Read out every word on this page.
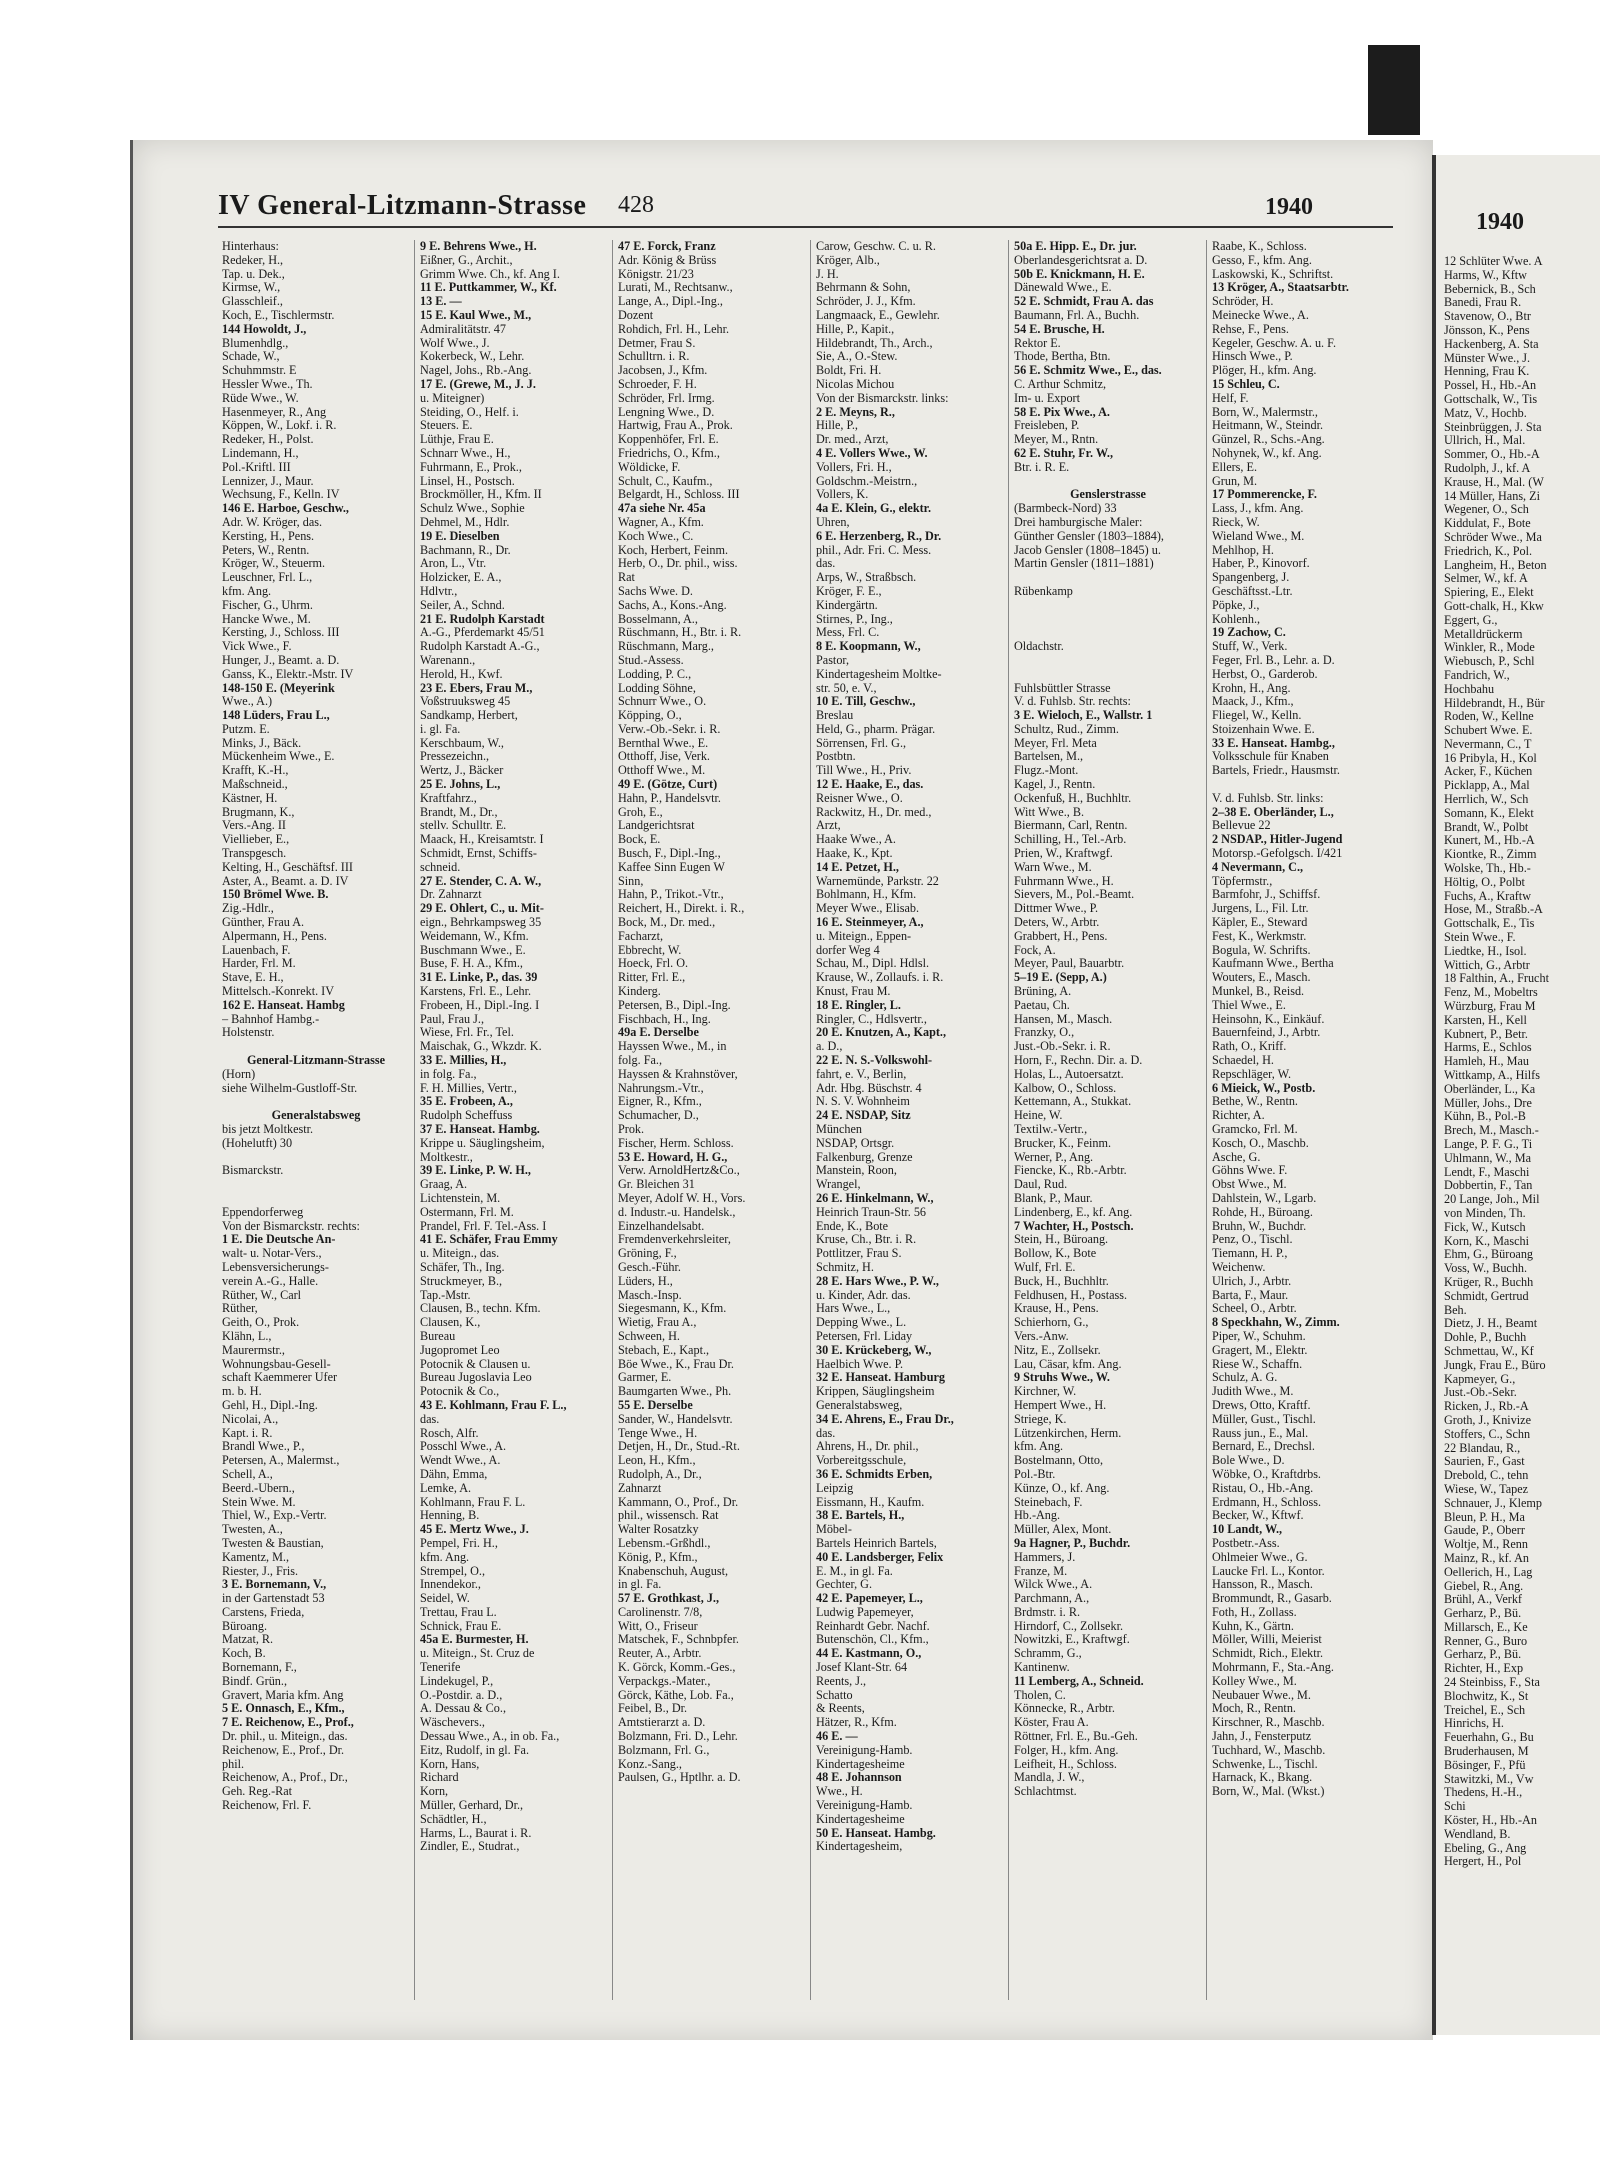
IV General-Litzmann-Strasse 428	1940
Hinterhaus:
Redeker, H.,
Tap. u. Dek.,
Kirmse, W.,
Glasschleif.,
Koch, E., Tischlermstr.
144 Howoldt, J.,
Blumenhdlg.,
Schade, W.,
Schuhmmstr. E
Hessler Wwe., Th.
Rüde Wwe., W.
Hasenmeyer, R., Ang
Köppen, W., Lokf. i. R.
Redeker, H., Polst.
Lindemann, H.,
Pol.-Kriftl. III
Lennizer, J., Maur.
Wechsung, F., Kelln. IV
146 E. Harboe, Geschw.,
Adr. W. Kröger, das.
Kersting, H., Pens.
Peters, W., Rentn.
Kröger, W., Steuerm.
Leuschner, Frl. L.,
kfm. Ang.
Fischer, G., Uhrm.
Hancke Wwe., M.
Kersting, J., Schloss. III
Vick Wwe., F.
Hunger, J., Beamt. a. D.
Ganss, K., Elektr.-Mstr. IV
148-150 E. (Meyerink
Wwe., A.)
148 Lüders, Frau L.,
Putzm. E.
Minks, J., Bäck.
Mückenheim Wwe., E.
Krafft, K.-H.,
Maßschneid.,
Kästner, H.
Brugmann, K.,
Vers.-Ang. II
Viellieber, E.,
Transpgesch.
Kelting, H., Geschäftsf. III
Aster, A., Beamt. a. D. IV
150 Brömel Wwe. B.
Zig.-Hdlr.,
Günther, Frau A.
Alpermann, H., Pens.
Lauenbach, F.
Harder, Frl. M.
Stave, E. H.,
Mittelsch.-Konrekt. IV
162 E. Hanseat. Hambg
– Bahnhof Hambg.-
Holstenstr.

General-Litzmann-Strasse
(Horn)
siehe Wilhelm-Gustloff-Str.

Generalstabsweg
bis jetzt Moltkestr.
(Hohelutft) 30

Bismarckstr.

Eppendorferweg
Von der Bismarckstr. rechts:
1 E. Die Deutsche An-
walt- u. Notar-Vers.,
Lebensversicherungs-
verein A.-G., Halle.
Rüther, W., Carl
Rüther,
Geith, O., Prok.
Klähn, L.,
Maurermstr.,
Wohnungsbau-Gesell-
schaft Kaemmerer Ufer
m. b. H.
Gehl, H., Dipl.-Ing.
Nicolai, A.,
Kapt. i. R.
Brandl Wwe., P.,
Petersen, A., Malermst.,
Schell, A.,
Beerd.-Ubern.,
Stein Wwe. M.
Thiel, W., Exp.-Vertr.
Twesten, A.,
Twesten & Baustian,
Kamentz, M.,
Riester, J., Fris.
3 E. Bornemann, V.,
in der Gartenstadt 53
Carstens, Frieda,
Büroang.
Matzat, R.
Koch, B.
Bornemann, F.,
Bindf. Grün.,
Gravert, Maria kfm. Ang
5 E. Onnasch, E., Kfm.,
7 E. Reichenow, E., Prof.,
Dr. phil., u. Miteign., das.
Reichenow, E., Prof., Dr.
phil.
Reichenow, A., Prof., Dr.,
Geh. Reg.-Rat
Reichenow, Frl. F.
9 E. Behrens Wwe., H.
Eißner, G., Archit.,
Grimm Wwe. Ch., kf. Ang I.
11 E. Puttkammer, W., Kf.
13 E. —
15 E. Kaul Wwe., M.,
Admiralitätstr. 47
Wolf Wwe., J.
Kokerbeck, W., Lehr.
Nagel, Johs., Rb.-Ang.
17 E. (Grewe, M., J. J.
u. Miteigner)
Steiding, O., Helf. i.
Steuers. E.
Lüthje, Frau E.
Schnarr Wwe., H.,
Fuhrmann, E., Prok.,
Linsel, H., Postsch.
Brockmöller, H., Kfm. II
Schulz Wwe., Sophie
Dehmel, M., Hdlr.
19 E. Dieselben
Bachmann, R., Dr.
Aron, L., Vtr.
Holzicker, E. A.,
Hdlvtr.,
Seiler, A., Schnd.
21 E. Rudolph Karstadt
A.-G., Pferdemarkt 45/51
Rudolph Karstadt A.-G.,
Warenann.,
Herold, H., Kwf.
23 E. Ebers, Frau M.,
Voßstruuksweg 45
Sandkamp, Herbert,
i. gl. Fa.
Kerschbaum, W.,
Pressezeichn.,
Wertz, J., Bäcker
25 E. Johns, L.,
Kraftfahrz.,
Brandt, M., Dr.,
stellv. Schulltr. E.
Maack, H., Kreisamtstr. I
Schmidt, Ernst, Schiffs-
schneid.
27 E. Stender, C. A. W.,
Dr. Zahnarzt
29 E. Ohlert, C., u. Mit-
eign., Behrkampsweg 35
Weidemann, W., Kfm.
Buschmann Wwe., E.
Buse, F. H. A., Kfm.,
31 E. Linke, P., das. 39
Karstens, Frl. E., Lehr.
Frobeen, H., Dipl.-Ing. I
Paul, Frau J.,
Wiese, Frl. Fr., Tel.
Maischak, G., Wkzdr. K.
33 E. Millies, H.,
in folg. Fa.,
F. H. Millies, Vertr.,
35 E. Frobeen, A.,
Rudolph Scheffuss
37 E. Hanseat. Hambg.
Krippe u. Säuglingsheim,
Moltkestr.,
39 E. Linke, P. W. H.,
Graag, A.
Lichtenstein, M.
Ostermann, Frl. M.
Prandel, Frl. F. Tel.-Ass. I
41 E. Schäfer, Frau Emmy
u. Miteign., das.
Schäfer, Th., Ing.
Struckmeyer, B.,
Tap.-Mstr.
Clausen, B., techn. Kfm.
Clausen, K.,
Bureau
Jugopromet Leo
Potocnik & Clausen u.
Bureau Jugoslavia Leo
Potocnik & Co.,
43 E. Kohlmann, Frau F. L.,
das.
Rosch, Alfr.
Posschl Wwe., A.
Wendt Wwe., A.
Dähn, Emma,
Lemke, A.
Kohlmann, Frau F. L.
Henning, B.
45 E. Mertz Wwe., J.
Pempel, Fri. H.,
kfm. Ang.
Strempel, O.,
Innendekor.,
Seidel, W.
Trettau, Frau L.
Schnick, Frau E.
45a E. Burmester, H.
u. Miteign., St. Cruz de
Tenerife
Lindekugel, P.,
O.-Postdir. a. D.,
A. Dessau & Co.,
Wäschevers.,
Dessau Wwe., A., in ob. Fa.,
Eitz, Rudolf, in gl. Fa.
Korn, Hans,
Richard
Korn,
Müller, Gerhard, Dr.,
Schädtler, H.,
Harms, L., Baurat i. R.
Zindler, E., Studrat.,
47 E. Forck, Franz
Adr. König & Brüss
Königstr. 21/23
Lurati, M., Rechtsanw.,
Lange, A., Dipl.-Ing.,
Dozent
Rohdich, Frl. H., Lehr.
Detmer, Frau S.
Schulltrn. i. R.
Jacobsen, J., Kfm.
Schroeder, F. H.
Schröder, Frl. Irmg.
Lengning Wwe., D.
Hartwig, Frau A., Prok.
Koppenhöfer, Frl. E.
Friedrichs, O., Kfm.,
Wöldicke, F.
Schult, C., Kaufm.,
Belgardt, H., Schloss. III
47a siehe Nr. 45a
Wagner, A., Kfm.
Koch Wwe., C.
Koch, Herbert, Feinm.
Herb, O., Dr. phil., wiss.
Rat
Sachs Wwe. D.
Sachs, A., Kons.-Ang.
Bosselmann, A.,
Rüschmann, H., Btr. i. R.
Rüschmann, Marg.,
Stud.-Assess.
Lodding, P. C.,
Lodding Söhne,
Schnurr Wwe., O.
Köpping, O.,
Verw.-Ob.-Sekr. i. R.
Bernthal Wwe., E.
Otthoff, Jise, Verk.
Otthoff Wwe., M.
49 E. (Götze, Curt)
Hahn, P., Handelsvtr.
Groh, E.,
Landgerichtsrat
Bock, E.
Busch, F., Dipl.-Ing.,
Kaffee Sinn Eugen W
Sinn,
Hahn, P., Trikot.-Vtr.,
Reichert, H., Direkt. i. R.,
Bock, M., Dr. med.,
Facharzt,
Ebbrecht, W.
Hoeck, Frl. O.
Ritter, Frl. E.,
Kinderg.
Petersen, B., Dipl.-Ing.
Fischbach, H., Ing.
49a E. Derselbe
Hayssen Wwe., M., in
folg. Fa.,
Hayssen & Krahnstöver,
Nahrungsm.-Vtr.,
Eigner, R., Kfm.,
Schumacher, D.,
Prok.
Fischer, Herm. Schloss.
53 E. Howard, H. G.,
Verw. ArnoldHertz&Co.,
Gr. Bleichen 31
Meyer, Adolf W. H., Vors.
d. Industr.-u. Handelsk.,
Einzelhandelsabt.
Fremdenverkehrsleiter,
Gröning, F.,
Gesch.-Führ.
Lüders, H.,
Masch.-Insp.
Siegesmann, K., Kfm.
Wietig, Frau A.,
Schween, H.
Stebach, E., Kapt.,
Böe Wwe., K., Frau Dr.
Garmer, E.
Baumgarten Wwe., Ph.
55 E. Derselbe
Sander, W., Handelsvtr.
Tenge Wwe., H.
Detjen, H., Dr., Stud.-Rt.
Leon, H., Kfm.,
Rudolph, A., Dr.,
Zahnarzt
Kammann, O., Prof., Dr.
phil., wissensch. Rat
Walter Rosatzky
Lebensm.-Grßhdl.,
König, P., Kfm.,
Knabenschuh, August,
in gl. Fa.
57 E. Grothkast, J.,
Carolinenstr. 7/8,
Witt, O., Friseur
Matschek, F., Schnbpfer.
Reuter, A., Arbtr.
K. Görck, Komm.-Ges.,
Verpackgs.-Mater.,
Görck, Käthe, Lob. Fa.,
Feibel, B., Dr.
Amtstierarzt a. D.
Bolzmann, Fri. D., Lehr.
Bolzmann, Frl. G.,
Konz.-Sang.,
Paulsen, G., Hptlhr. a. D.
Carow, Geschw. C. u. R.
Kröger, Alb.,
J. H.
Behrmann & Sohn,
Schröder, J. J., Kfm.
Langmaack, E., Gewlehr.
Hille, P., Kapit.,
Hildebrandt, Th., Arch.,
Sie, A., O.-Stew.
Boldt, Fri. H.
Nicolas Michou
Von der Bismarckstr. links:
2 E. Meyns, R.,
Hille, P.,
Dr. med., Arzt,
4 E. Vollers Wwe., W.
Vollers, Fri. H.,
Goldschm.-Meistrn.,
Vollers, K.
4a E. Klein, G., elektr.
Uhren,
6 E. Herzenberg, R., Dr.
phil., Adr. Fri. C. Mess.
das.
Arps, W., Straßbsch.
Kröger, F. E.,
Kindergärtn.
Stirnes, P., Ing.,
Mess, Frl. C.
8 E. Koopmann, W.,
Pastor,
Kindertagesheim Moltke-
str. 50, e. V.,
10 E. Till, Geschw.,
Breslau
Held, G., pharm. Prägar.
Sörrensen, Frl. G.,
Postbtn.
Till Wwe., H., Priv.
12 E. Haake, E., das.
Reisner Wwe., O.
Rackwitz, H., Dr. med.,
Arzt,
Haake Wwe., A.
Haake, K., Kpt.
14 E. Petzet, H.,
Warnemünde, Parkstr. 22
Bohlmann, H., Kfm.
Meyer Wwe., Elisab.
16 E. Steinmeyer, A.,
u. Miteign., Eppen-
dorfer Weg 4
Schau, M., Dipl. Hdlsl.
Krause, W., Zollaufs. i. R.
Knust, Frau M.
18 E. Ringler, L.
Ringler, C., Hdlsvertr.,
20 E. Knutzen, A., Kapt.,
a. D.,
22 E. N. S.-Volkswohl-
fahrt, e. V., Berlin,
Adr. Hbg. Büschstr. 4
N. S. V. Wohnheim
24 E. NSDAP, Sitz
München
NSDAP, Ortsgr.
Falkenburg, Grenze
Manstein, Roon,
Wrangel,
26 E. Hinkelmann, W.,
Heinrich Traun-Str. 56
Ende, K., Bote
Kruse, Ch., Btr. i. R.
Pottlitzer, Frau S.
Schmitz, H.
28 E. Hars Wwe., P. W.,
u. Kinder, Adr. das.
Hars Wwe., L.,
Depping Wwe., L.
Petersen, Frl. Liday
30 E. Krückeberg, W.,
Haelbich Wwe. P.
32 E. Hanseat. Hamburg
Krippen, Säuglingsheim
Generalstabsweg,
34 E. Ahrens, E., Frau Dr.,
das.
Ahrens, H., Dr. phil.,
Vorbereitgsschule,
36 E. Schmidts Erben,
Leipzig
Eissmann, H., Kaufm.
38 E. Bartels, H.,
Möbel-
Bartels Heinrich Bartels,
40 E. Landsberger, Felix
E. M., in gl. Fa.
Gechter, G.
42 E. Papemeyer, L.,
Ludwig Papemeyer,
Reinhardt Gebr. Nachf.
Butenschön, Cl., Kfm.,
44 E. Kastmann, O.,
Josef Klant-Str. 64
Reents, J.,
Schatto
& Reents,
Hätzer, R., Kfm.
46 E. —
Vereinigung-Hamb.
Kindertagesheime
48 E. Johannson
Wwe., H.
Vereinigung-Hamb.
Kindertagesheime
50 E. Hanseat. Hambg.
Kindertagesheim,
50a E. Hipp. E., Dr. jur.
Oberlandesgerichtsrat a. D.
50b E. Knickmann, H. E.
Dänewald Wwe., E.
52 E. Schmidt, Frau A. das
Baumann, Frl. A., Buchh.
54 E. Brusche, H.
Rektor E.
Thode, Bertha, Btn.
56 E. Schmitz Wwe., E., das.
C. Arthur Schmitz,
Im- u. Export
58 E. Pix Wwe., A.
Freisleben, P.
Meyer, M., Rntn.
62 E. Stuhr, Fr. W.,
Btr. i. R. E.

Genslerstrasse
(Barmbeck-Nord) 33
Drei hamburgische Maler:
Günther Gensler (1803–1884),
Jacob Gensler (1808–1845) u.
Martin Gensler (1811–1881)

Rübenkamp

Oldachstr.

Fuhlsbüttler Strasse
V. d. Fuhlsb. Str. rechts:
3 E. Wieloch, E., Wallstr. 1
Schultz, Rud., Zimm.
Meyer, Frl. Meta
Bartelsen, M.,
Flugz.-Mont.
Kagel, J., Rentn.
Ockenfuß, H., Buchhltr.
Witt Wwe., B.
Biermann, Carl, Rentn.
Schilling, H., Tel.-Arb.
Prien, W., Kraftwgf.
Warn Wwe., M.
Fuhrmann Wwe., H.
Sievers, M., Pol.-Beamt.
Dittmer Wwe., P.
Deters, W., Arbtr.
Grabbert, H., Pens.
Fock, A.
Meyer, Paul, Bauarbtr.
5–19 E. (Sepp, A.)
Brüning, A.
Paetau, Ch.
Hansen, M., Masch.
Franzky, O.,
Just.-Ob.-Sekr. i. R.
Horn, F., Rechn. Dir. a. D.
Holas, L., Autoersatzt.
Kalbow, O., Schloss.
Kettemann, A., Stukkat.
Heine, W.
Textilw.-Vertr.,
Brucker, K., Feinm.
Werner, P., Ang.
Fiencke, K., Rb.-Arbtr.
Daul, Rud.
Blank, P., Maur.
Lindenberg, E., kf. Ang.
7 Wachter, H., Postsch.
Stein, H., Büroang.
Bollow, K., Bote
Wulf, Frl. E.
Buck, H., Buchhltr.
Feldhusen, H., Postass.
Krause, H., Pens.
Schierhorn, G.,
Vers.-Anw.
Nitz, E., Zollsekr.
Lau, Cäsar, kfm. Ang.
9 Struhs Wwe., W.
Kirchner, W.
Hempert Wwe., H.
Striege, K.
Lützenkirchen, Herm.
kfm. Ang.
Bostelmann, Otto,
Pol.-Btr.
Künze, O., kf. Ang.
Steinebach, F.
Hb.-Ang.
Müller, Alex, Mont.
9a Hagner, P., Buchdr.
Hammers, J.
Franze, M.
Wilck Wwe., A.
Parchmann, A.,
Brdmstr. i. R.
Hirndorf, C., Zollsekr.
Nowitzki, E., Kraftwgf.
Schramm, G.,
Kantinenw.
11 Lemberg, A., Schneid.
Tholen, C.
Könnecke, R., Arbtr.
Köster, Frau A.
Röttner, Frl. E., Bu.-Geh.
Folger, H., kfm. Ang.
Leifheit, H., Schloss.
Mandla, J. W.,
Schlachtmst.
Raabe, K., Schloss.
Gesso, F., kfm. Ang.
Laskowski, K., Schriftst.
13 Kröger, A., Staatsarbtr.
Schröder, H.
Meinecke Wwe., A.
Rehse, F., Pens.
Kegeler, Geschw. A. u. F.
Hinsch Wwe., P.
Plöger, H., kfm. Ang.
15 Schleu, C.
Helf, F.
Born, W., Malermstr.,
Heitmann, W., Steindr.
Günzel, R., Schs.-Ang.
Nohynek, W., kf. Ang.
Ellers, E.
Grun, M.
17 Pommerencke, F.
Lass, J., kfm. Ang.
Rieck, W.
Wieland Wwe., M.
Mehlhop, H.
Haber, P., Kinovorf.
Spangenberg, J.
Geschäftsst.-Ltr.
Pöpke, J.,
Kohlenh.,
19 Zachow, C.
Stuff, W., Verk.
Feger, Frl. B., Lehr. a. D.
Herbst, O., Garderob.
Krohn, H., Ang.
Maack, J., Kfm.,
Fliegel, W., Kelln.
Stoizenhain Wwe. E.
33 E. Hanseat. Hambg.,
Volksschule für Knaben
Bartels, Friedr., Hausmstr.

V. d. Fuhlsb. Str. links:
2–38 E. Oberländer, L.,
Bellevue 22
2 NSDAP., Hitler-Jugend
Motorsp.-Gefolgsch. I/421
4 Nevermann, C.,
Töpfermstr.,
Barmfohr, J., Schiffsf.
Jurgens, L., Fil. Ltr.
Käpler, E., Steward
Fest, K., Werkmstr.
Bogula, W. Schrifts.
Kaufmann Wwe., Bertha
Wouters, E., Masch.
Munkel, B., Reisd.
Thiel Wwe., E.
Heinsohn, K., Einkäuf.
Bauernfeind, J., Arbtr.
Rath, O., Kriff.
Schaedel, H.
Repschläger, W.
6 Mieick, W., Postb.
Bethe, W., Rentn.
Richter, A.
Gramcko, Frl. M.
Kosch, O., Maschb.
Asche, G.
Göhns Wwe. F.
Obst Wwe., M.
Dahlstein, W., Lgarb.
Rohde, H., Büroang.
Bruhn, W., Buchdr.
Penz, O., Tischl.
Tiemann, H. P.,
Weichenw.
Ulrich, J., Arbtr.
Barta, F., Maur.
Scheel, O., Arbtr.
8 Speckhahn, W., Zimm.
Piper, W., Schuhm.
Gragert, M., Elektr.
Riese W., Schaffn.
Schulz, A. G.
Judith Wwe., M.
Drews, Otto, Kraftf.
Müller, Gust., Tischl.
Rauss jun., E., Mal.
Bernard, E., Drechsl.
Bole Wwe., D.
Wöbke, O., Kraftdrbs.
Ristau, O., Hb.-Ang.
Erdmann, H., Schloss.
Becker, W., Kftwf.
10 Landt, W.,
Postbetr.-Ass.
Ohlmeier Wwe., G.
Laucke Frl. L., Kontor.
Hansson, R., Masch.
Brommundt, R., Gasarb.
Foth, H., Zollass.
Kuhn, K., Gärtn.
Möller, Willi, Meierist
Schmidt, Rich., Elektr.
Mohrmann, F., Sta.-Ang.
Kolley Wwe., M.
Neubauer Wwe., M.
Moch, R., Rentn.
Kirschner, R., Maschb.
Jahn, J., Fensterputz
Tuchhard, W., Maschb.
Schwenke, L., Tischl.
Harnack, K., Bkang.
Born, W., Mal. (Wkst.)
1940
12 Schlüter Wwe. A
Harms, W., Kftw
Bebernick, B., Sch
Banedi, Frau R.
Stavenow, O., Btr
Jönsson, K., Pens
Hackenberg, A. Sta
Münster Wwe., J.
Henning, Frau K.
Possel, H., Hb.-An
Gottschalk, W., Tis
Matz, V., Hochb.
Steinbrüggen, J. Sta
Ullrich, H., Mal.
Sommer, O., Hb.-A
Rudolph, J., kf. A
Krause, H., Mal. (W
14 Müller, Hans, Zi
Wegener, O., Sch
Kiddulat, F., Bote
Schröder Wwe., Ma
Friedrich, K., Pol.
Langheim, H., Beton
Selmer, W., kf. A
Spiering, E., Elekt
Gott-chalk, H., Kkw
Eggert, G.,
Metalldrückerm
Winkler, R., Mode
Wiebusch, P., Schl
Fandrich, W.,
Hochbahu
Hildebrandt, H., Bür
Roden, W., Kellne
Schubert Wwe. E.
Nevermann, C., T
16 Pribyla, H., Kol
Acker, F., Küchen
Picklapp, A., Mal
Herrlich, W., Sch
Somann, K., Elekt
Brandt, W., Polbt
Kunert, M., Hb.-A
Kiontke, R., Zimm
Wolske, Th., Hb.-
Höltig, O., Polbt
Fuchs, A., Kraftw
Hose, M., Straßb.-A
Gottschalk, E., Tis
Stein Wwe., F.
Liedtke, H., Isol.
Wittich, G., Arbtr
18 Falthin, A., Frucht
Fenz, M., Mobeltrs
Würzburg, Frau M
Karsten, H., Kell
Kubnert, P., Betr.
Harms, E., Schlos
Hamleh, H., Mau
Wittkamp, A., Hilfs
Oberländer, L., Ka
Müller, Johs., Dre
Kühn, B., Pol.-B
Brech, M., Masch.-
Lange, P. F. G., Ti
Uhlmann, W., Ma
Lendt, F., Maschi
Dobbertin, F., Tan
20 Lange, Joh., Mil
von Minden, Th.
Fick, W., Kutsch
Korn, K., Maschi
Ehm, G., Büroang
Voss, W., Buchh.
Krüger, R., Buchh
Schmidt, Gertrud
Beh.
Dietz, J. H., Beamt
Dohle, P., Buchh
Schmettau, W., Kf
Jungk, Frau E., Büro
Kapmeyer, G.,
Just.-Ob.-Sekr.
Ricken, J., Rb.-A
Groth, J., Knivize
Stoffers, C., Schn
22 Blandau, R.,
Saurien, F., Gast
Drebold, C., tehn
Wiese, W., Tapez
Schnauer, J., Klemp
Bleun, P. H., Ma
Gaude, P., Oberr
Woltje, M., Renn
Mainz, R., kf. An
Oellerich, H., Lag
Giebel, R., Ang.
Brühl, A., Verkf
Gerharz, P., Bü.
Millarsch, E., Ke
Renner, G., Buro
Gerharz, P., Bü.
Richter, H., Exp
24 Steinbiss, F., Sta
Blochwitz, K., St
Treichel, E., Sch
Hinrichs, H.
Feuerhahn, G., Bu
Bruderhausen, M
Bösinger, F., Pfü
Stawitzki, M., Vw
Thedens, H.-H.,
Schi
Köster, H., Hb.-An
Wendland, B.
Ebeling, G., Ang
Hergert, H., Pol
